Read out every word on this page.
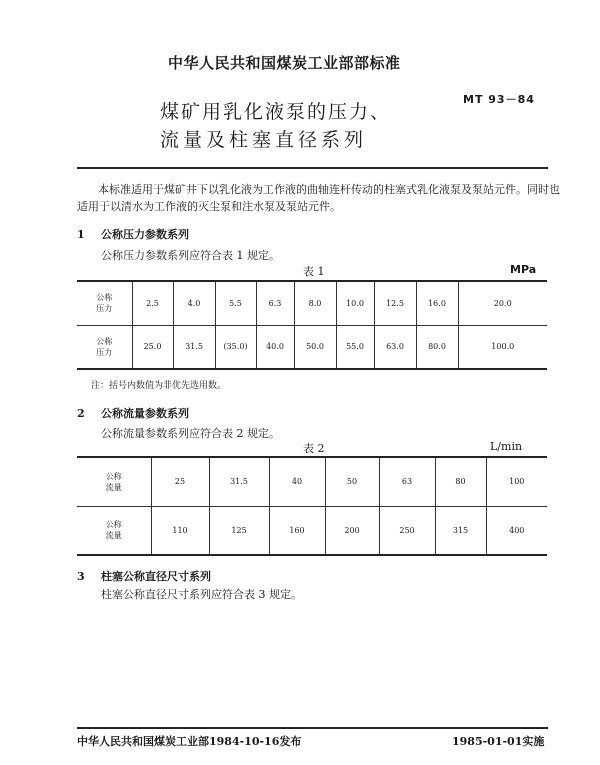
中华人民共和国煤炭工业部部标准
MT 93－84
煤矿用乳化液泵的压力、
流量及柱塞直径系列
本标准适用于煤矿井下以乳化液为工作液的曲轴连杆传动的柱塞式乳化液泵及泵站元件。同时也
适用于以清水为工作液的灭尘泵和注水泵及泵站元件。
1 公称压力参数系列
公称压力参数系列应符合表 1 规定。
表 1	MPa
公称
压力	2.5	4.0	5.5	6.3	8.0	10.0	12.5	16.0	20.0

公称
压力	25.0	31.5	(35.0)	40.0	50.0	55.0	63.0	80.0	100.0
注：括号内数值为非优先选用数。
2 公称流量参数系列
公称流量参数系列应符合表 2 规定。
表 2	L/min
公称
流量	25	31.5	40	50	63	80	100

公称
流量	110	125	160	200	250	315	400
3 柱塞公称直径尺寸系列
柱塞公称直径尺寸系列应符合表 3 规定。
中华人民共和国煤炭工业部1984-10-16发布	1985-01-01实施
